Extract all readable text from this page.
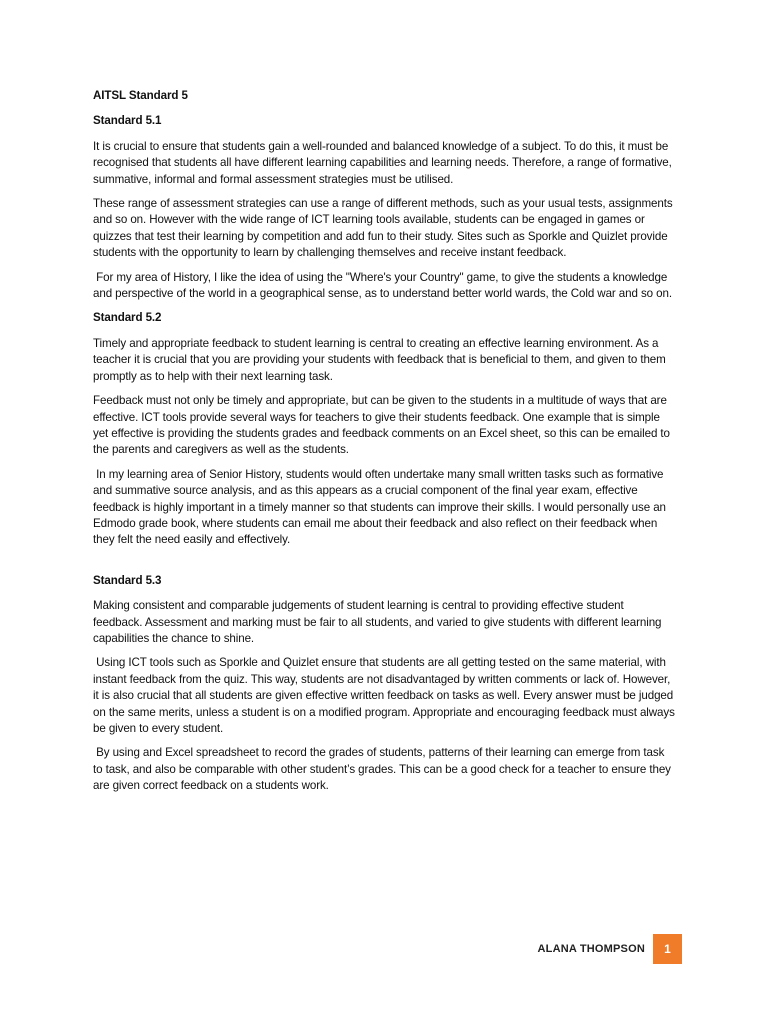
AITSL Standard 5
Standard 5.1
It is crucial to ensure that students gain a well-rounded and balanced knowledge of a subject. To do this, it must be recognised that students all have different learning capabilities and learning needs. Therefore, a range of formative, summative, informal and formal assessment strategies must be utilised.
These range of assessment strategies can use a range of different methods, such as your usual tests, assignments and so on. However with the wide range of ICT learning tools available, students can be engaged in games or quizzes that test their learning by competition and add fun to their study. Sites such as Sporkle and Quizlet provide students with the opportunity to learn by challenging themselves and receive instant feedback.
For my area of History, I like the idea of using the "Where's your Country" game, to give the students a knowledge and perspective of the world in a geographical sense, as to understand better world wards, the Cold war and so on.
Standard 5.2
Timely and appropriate feedback to student learning is central to creating an effective learning environment. As a teacher it is crucial that you are providing your students with feedback that is beneficial to them, and given to them promptly as to help with their next learning task.
Feedback must not only be timely and appropriate, but can be given to the students in a multitude of ways that are effective. ICT tools provide several ways for teachers to give their students feedback. One example that is simple yet effective is providing the students grades and feedback comments on an Excel sheet, so this can be emailed to the parents and caregivers as well as the students.
In my learning area of Senior History, students would often undertake many small written tasks such as formative and summative source analysis, and as this appears as a crucial component of the final year exam, effective feedback is highly important in a timely manner so that students can improve their skills. I would personally use an Edmodo grade book, where students can email me about their feedback and also reflect on their feedback when they felt the need easily and effectively.
Standard 5.3
Making consistent and comparable judgements of student learning is central to providing effective student feedback. Assessment and marking must be fair to all students, and varied to give students with different learning capabilities the chance to shine.
Using ICT tools such as Sporkle and Quizlet ensure that students are all getting tested on the same material, with instant feedback from the quiz. This way, students are not disadvantaged by written comments or lack of. However, it is also crucial that all students are given effective written feedback on tasks as well. Every answer must be judged on the same merits, unless a student is on a modified program. Appropriate and encouraging feedback must always be given to every student.
By using and Excel spreadsheet to record the grades of students, patterns of their learning can emerge from task to task, and also be comparable with other student’s grades. This can be a good check for a teacher to ensure they are given correct feedback on a students work.
ALANA THOMPSON	1
